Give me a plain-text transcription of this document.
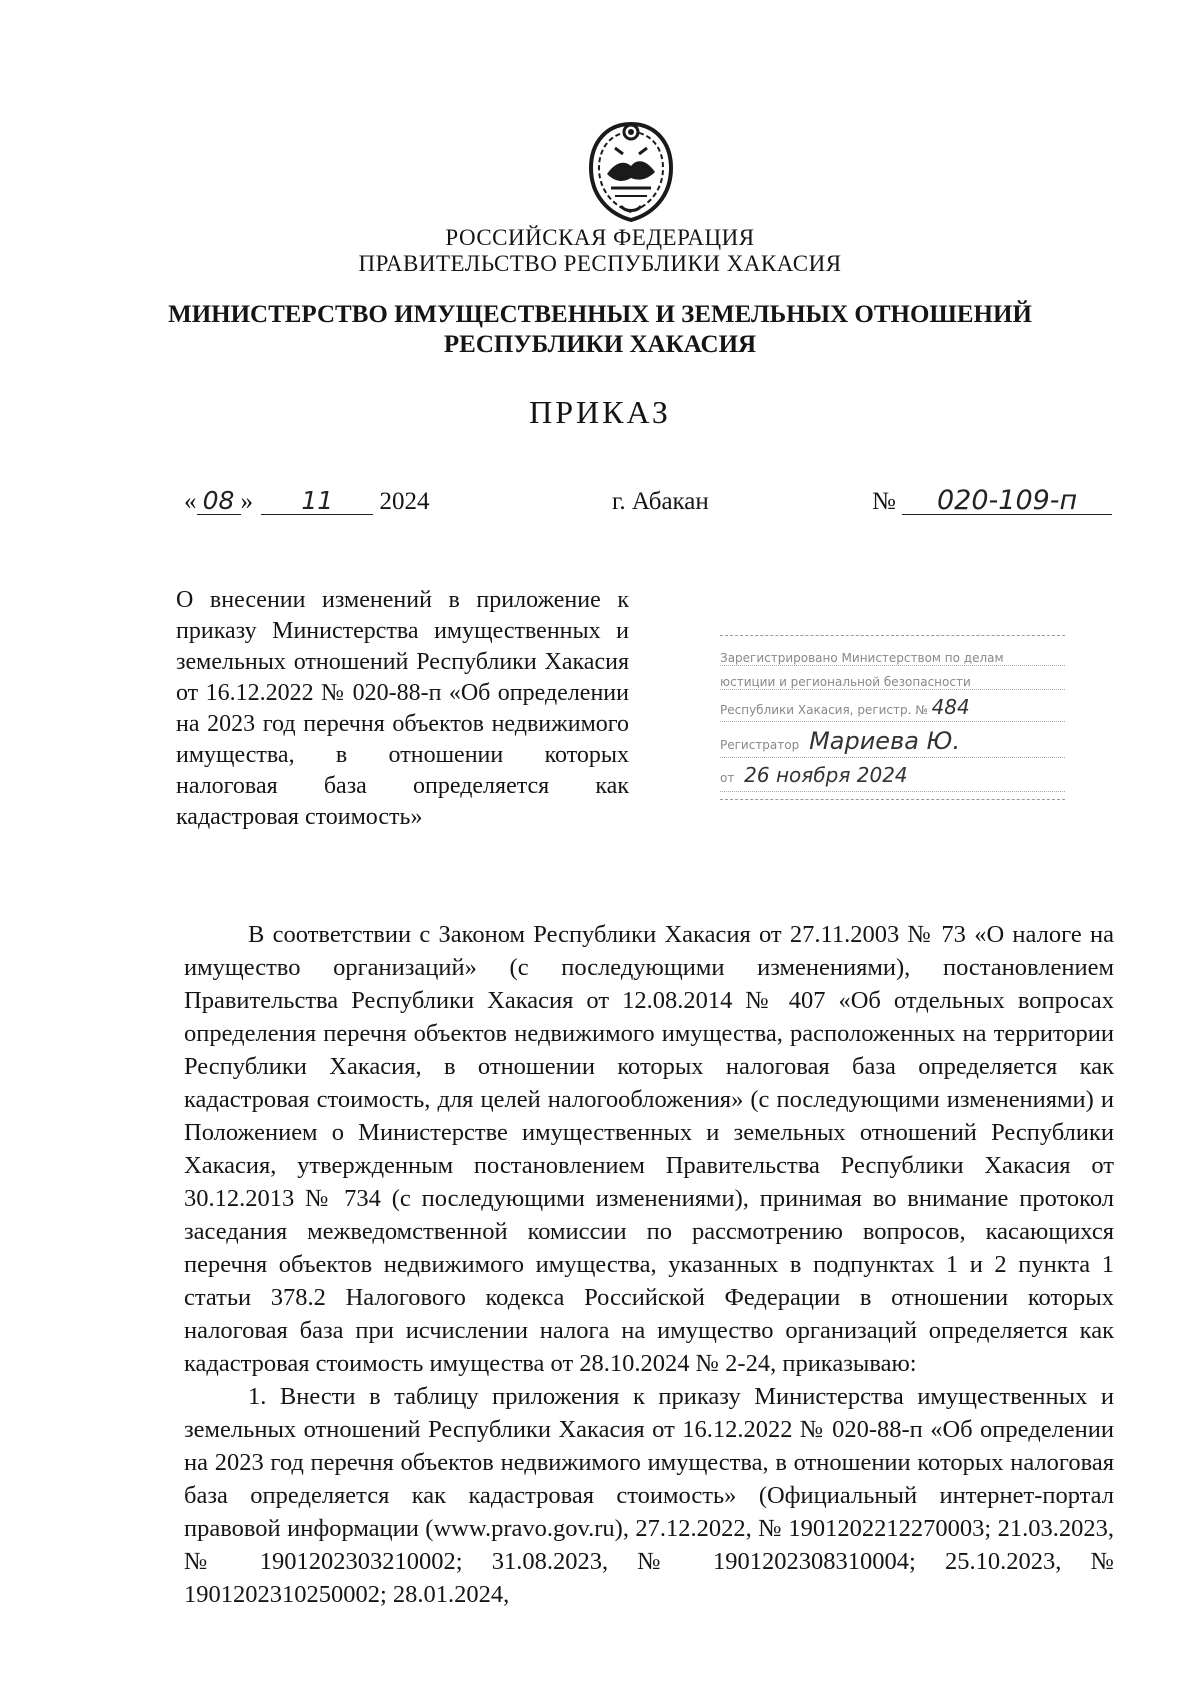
РОССИЙСКАЯ ФЕДЕРАЦИЯ
ПРАВИТЕЛЬСТВО РЕСПУБЛИКИ ХАКАСИЯ
МИНИСТЕРСТВО ИМУЩЕСТВЕННЫХ И ЗЕМЕЛЬНЫХ ОТНОШЕНИЙ
РЕСПУБЛИКИ ХАКАСИЯ
ПРИКАЗ
« 08 » 11 2024	г. Абакан	№ 020-109-п
О внесении изменений в приложение к приказу Министерства имущественных и земельных отношений Республики Хакасия от 16.12.2022 № 020-88-п «Об определении на 2023 год перечня объектов недвижимого имущества, в отношении которых налоговая база определяется как кадастровая стоимость»
Зарегистрировано Министерством по делам
юстиции и региональной безопасности
Республики Хакасия, регистр. № 484
Регистратор Мариева Ю.
от 26 ноября 2024

В соответствии с Законом Республики Хакасия от 27.11.2003 № 73 «О налоге на имущество организаций» (с последующими изменениями), постановлением Правительства Республики Хакасия от 12.08.2014 № 407 «Об отдельных вопросах определения перечня объектов недвижимого имущества, расположенных на территории Республики Хакасия, в отношении которых налоговая база определяется как кадастровая стоимость, для целей налогообложения» (с последующими изменениями) и Положением о Министерстве имущественных и земельных отношений Республики Хакасия, утвержденным постановлением Правительства Республики Хакасия от 30.12.2013 № 734 (с последующими изменениями), принимая во внимание протокол заседания межведомственной комиссии по рассмотрению вопросов, касающихся перечня объектов недвижимого имущества, указанных в подпунктах 1 и 2 пункта 1 статьи 378.2 Налогового кодекса Российской Федерации в отношении которых налоговая база при исчислении налога на имущество организаций определяется как кадастровая стоимость имущества от 28.10.2024 № 2-24, приказываю:

1. Внести в таблицу приложения к приказу Министерства имущественных и земельных отношений Республики Хакасия от 16.12.2022 № 020-88-п «Об определении на 2023 год перечня объектов недвижимого имущества, в отношении которых налоговая база определяется как кадастровая стоимость» (Официальный интернет-портал правовой информации (www.pravo.gov.ru), 27.12.2022, № 1901202212270003; 21.03.2023, № 1901202303210002; 31.08.2023, № 1901202308310004; 25.10.2023, № 1901202310250002; 28.01.2024,
